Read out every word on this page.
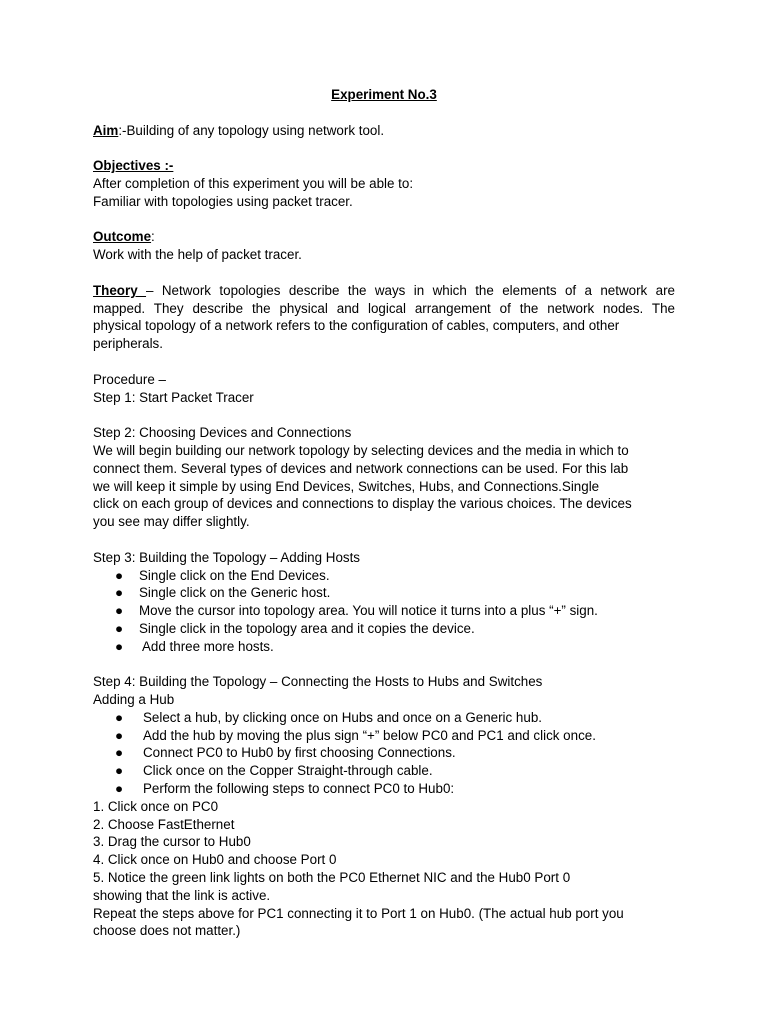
Experiment No.3
Aim:-Building of any topology using network tool.
Objectives :-
After completion of this experiment you will be able to:
Familiar with topologies using packet tracer.
Outcome:
Work with the help of packet tracer.
Theory – Network topologies describe the ways in which the elements of a network are
mapped. They describe the physical and logical arrangement of the network nodes. The
physical topology of a network refers to the configuration of cables, computers, and other
peripherals.
Procedure –
Step 1: Start Packet Tracer
Step 2: Choosing Devices and Connections
We will begin building our network topology by selecting devices and the media in which to
connect them. Several types of devices and network connections can be used. For this lab
we will keep it simple by using End Devices, Switches, Hubs, and Connections.Single
click on each group of devices and connections to display the various choices. The devices
you see may differ slightly.
Step 3: Building the Topology – Adding Hosts
● Single click on the End Devices.
● Single click on the Generic host.
● Move the cursor into topology area. You will notice it turns into a plus “+” sign.
● Single click in the topology area and it copies the device.
● Add three more hosts.
Step 4: Building the Topology – Connecting the Hosts to Hubs and Switches
Adding a Hub
● Select a hub, by clicking once on Hubs and once on a Generic hub.
● Add the hub by moving the plus sign “+” below PC0 and PC1 and click once.
● Connect PC0 to Hub0 by first choosing Connections.
● Click once on the Copper Straight-through cable.
● Perform the following steps to connect PC0 to Hub0:
1. Click once on PC0
2. Choose FastEthernet
3. Drag the cursor to Hub0
4. Click once on Hub0 and choose Port 0
5. Notice the green link lights on both the PC0 Ethernet NIC and the Hub0 Port 0
showing that the link is active.
Repeat the steps above for PC1 connecting it to Port 1 on Hub0. (The actual hub port you
choose does not matter.)
